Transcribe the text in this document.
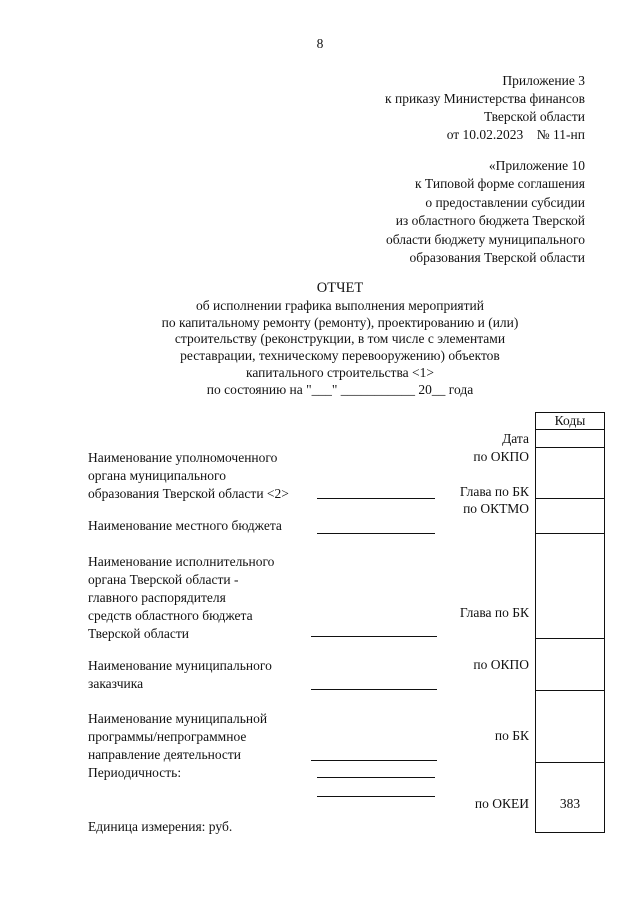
8
Приложение 3
к приказу Министерства финансов
Тверской области
от 10.02.2023    № 11-нп
«Приложение 10
к Типовой форме соглашения
о предоставлении субсидии
из областного бюджета Тверской
области бюджету муниципального
образования Тверской области
ОТЧЕТ
об исполнении графика выполнения мероприятий
по капитальному ремонту (ремонту), проектированию и (или)
строительству (реконструкции, в том числе с элементами
реставрации, техническому перевооружению) объектов
капитального строительства <1>
по состоянию на "___" ___________ 20__ года
Коды
383
Дата
по ОКПО
Глава по БК
по ОКТМО
Глава по БК
по ОКПО
по БК
по ОКЕИ
Наименование уполномоченного
органа муниципального
образования Тверской области <2>
Наименование местного бюджета
Наименование исполнительного
органа Тверской области -
главного распорядителя
средств областного бюджета
Тверской области
Наименование муниципального
заказчика
Наименование муниципальной
программы/непрограммное
направление деятельности
Периодичность:
Единица измерения: руб.
